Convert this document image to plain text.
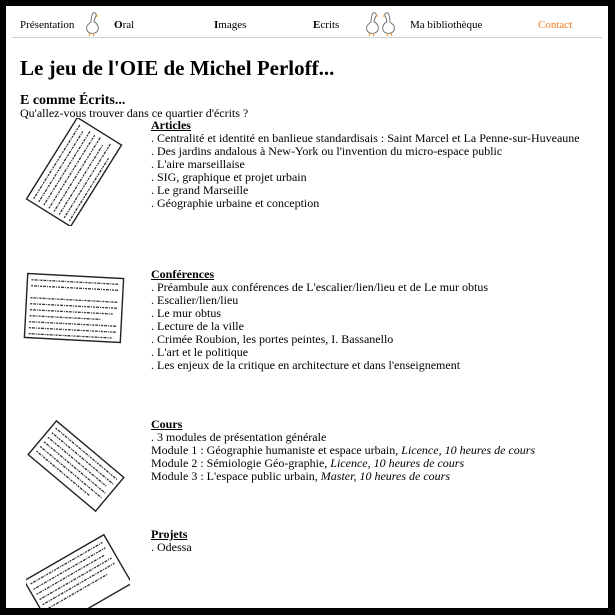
Présentation	Oral	Images	Ecrits	Ma bibliothèque	Contact
Le jeu de l'OIE de Michel Perloff...
E comme Écrits...
Qu'allez-vous trouver dans ce quartier d'écrits ?
Articles
. Centralité et identité en banlieue standardisais : Saint Marcel et La Penne-sur-Huveaune
. Des jardins andalous à New-York ou l'invention du micro-espace public
. L'aire marseillaise
. SIG, graphique et projet urbain
. Le grand Marseille
. Géographie urbaine et conception
Conférences
. Préambule aux conférences de L'escalier/lien/lieu et de Le mur obtus
. Escalier/lien/lieu
. Le mur obtus
. Lecture de la ville
. Crimée Roubion, les portes peintes, I. Bassanello
. L'art et le politique
. Les enjeux de la critique en architecture et dans l'enseignement
Cours
. 3 modules de présentation générale
Module 1 : Géographie humaniste et espace urbain, Licence, 10 heures de cours
Module 2 : Sémiologie Géo-graphie, Licence, 10 heures de cours
Module 3 : L'espace public urbain, Master, 10 heures de cours
Projets
. Odessa
